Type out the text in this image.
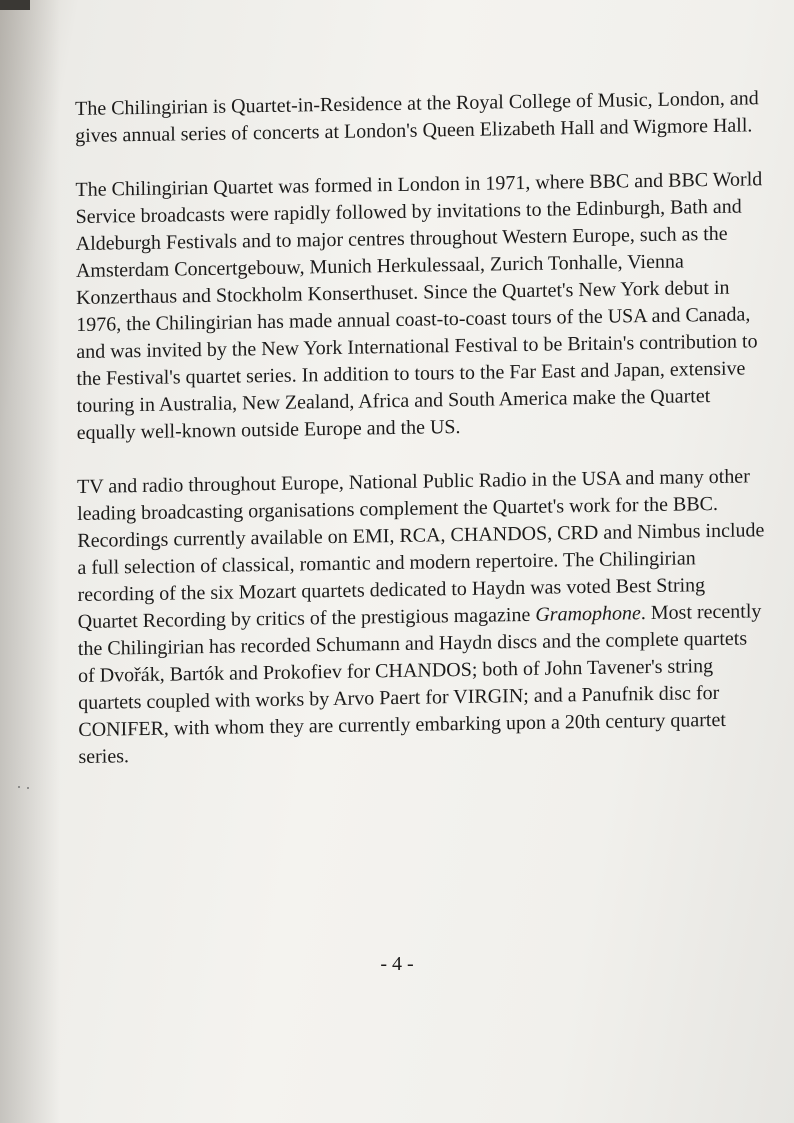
The Chilingirian is Quartet-in-Residence at the Royal College of Music, London, and gives annual series of concerts at London's Queen Elizabeth Hall and Wigmore Hall.

The Chilingirian Quartet was formed in London in 1971, where BBC and BBC World Service broadcasts were rapidly followed by invitations to the Edinburgh, Bath and Aldeburgh Festivals and to major centres throughout Western Europe, such as the Amsterdam Concertgebouw, Munich Herkulessaal, Zurich Tonhalle, Vienna Konzerthaus and Stockholm Konserthuset. Since the Quartet's New York debut in 1976, the Chilingirian has made annual coast-to-coast tours of the USA and Canada, and was invited by the New York International Festival to be Britain's contribution to the Festival's quartet series. In addition to tours to the Far East and Japan, extensive touring in Australia, New Zealand, Africa and South America make the Quartet equally well-known outside Europe and the US.

TV and radio throughout Europe, National Public Radio in the USA and many other leading broadcasting organisations complement the Quartet's work for the BBC. Recordings currently available on EMI, RCA, CHANDOS, CRD and Nimbus include a full selection of classical, romantic and modern repertoire. The Chilingirian recording of the six Mozart quartets dedicated to Haydn was voted Best String Quartet Recording by critics of the prestigious magazine Gramophone. Most recently the Chilingirian has recorded Schumann and Haydn discs and the complete quartets of Dvořák, Bartók and Prokofiev for CHANDOS; both of John Tavener's string quartets coupled with works by Arvo Paert for VIRGIN; and a Panufnik disc for CONIFER, with whom they are currently embarking upon a 20th century quartet series.

- 4 -
